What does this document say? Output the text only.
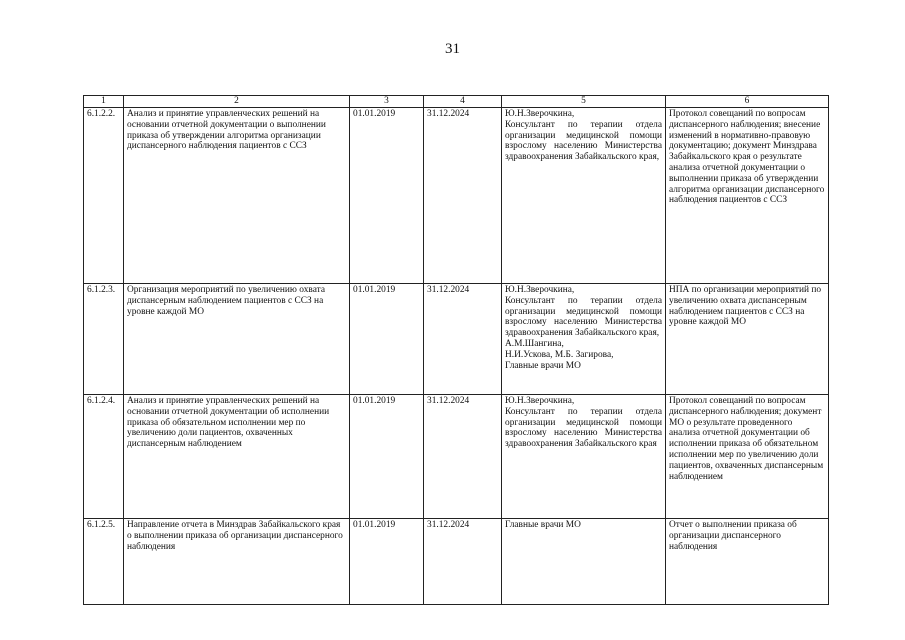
31
1	2	3	4	5	6
6.1.2.2.	Анализ и принятие управленческих решений на основании отчетной документации о выполнении приказа об утверждении алгоритма организации диспансерного наблюдения пациентов с ССЗ	01.01.2019	31.12.2024	Ю.Н.Зверочкина,
Консультант по терапии отдела организации медицинской помощи взрослому населению Министерства здравоохранения Забайкальского края,	Протокол совещаний по вопросам диспансерного наблюдения; внесение изменений в нормативно-правовую документацию; документ Минздрава Забайкальского края о результате анализа отчетной документации о выполнении приказа об утверждении алгоритма организации диспансерного наблюдения пациентов с ССЗ
6.1.2.3.	Организация мероприятий по увеличению охвата диспансерным наблюдением пациентов с ССЗ на уровне каждой МО	01.01.2019	31.12.2024	Ю.Н.Зверочкина,
Консультант по терапии отдела организации медицинской помощи взрослому населению Министерства здравоохранения Забайкальского края,
А.М.Шангина,
Н.И.Ускова, М.Б. Загирова,
Главные врачи МО	НПА по организации мероприятий по увеличению охвата диспансерным наблюдением пациентов с ССЗ на уровне каждой МО
6.1.2.4.	Анализ и принятие управленческих решений на основании отчетной документации об исполнении приказа об обязательном исполнении мер по увеличению доли пациентов, охваченных диспансерным наблюдением	01.01.2019	31.12.2024	Ю.Н.Зверочкина,
Консультант по терапии отдела организации медицинской помощи взрослому населению Министерства здравоохранения Забайкальского края	Протокол совещаний по вопросам диспансерного наблюдения; документ МО о результате проведенного анализа отчетной документации об исполнении приказа об обязательном исполнении мер по увеличению доли пациентов, охваченных диспансерным наблюдением
6.1.2.5.	Направление отчета в Минздрав Забайкальского края о выполнении приказа об организации диспансерного наблюдения	01.01.2019	31.12.2024	Главные врачи МО	Отчет о выполнении приказа об организации диспансерного наблюдения
